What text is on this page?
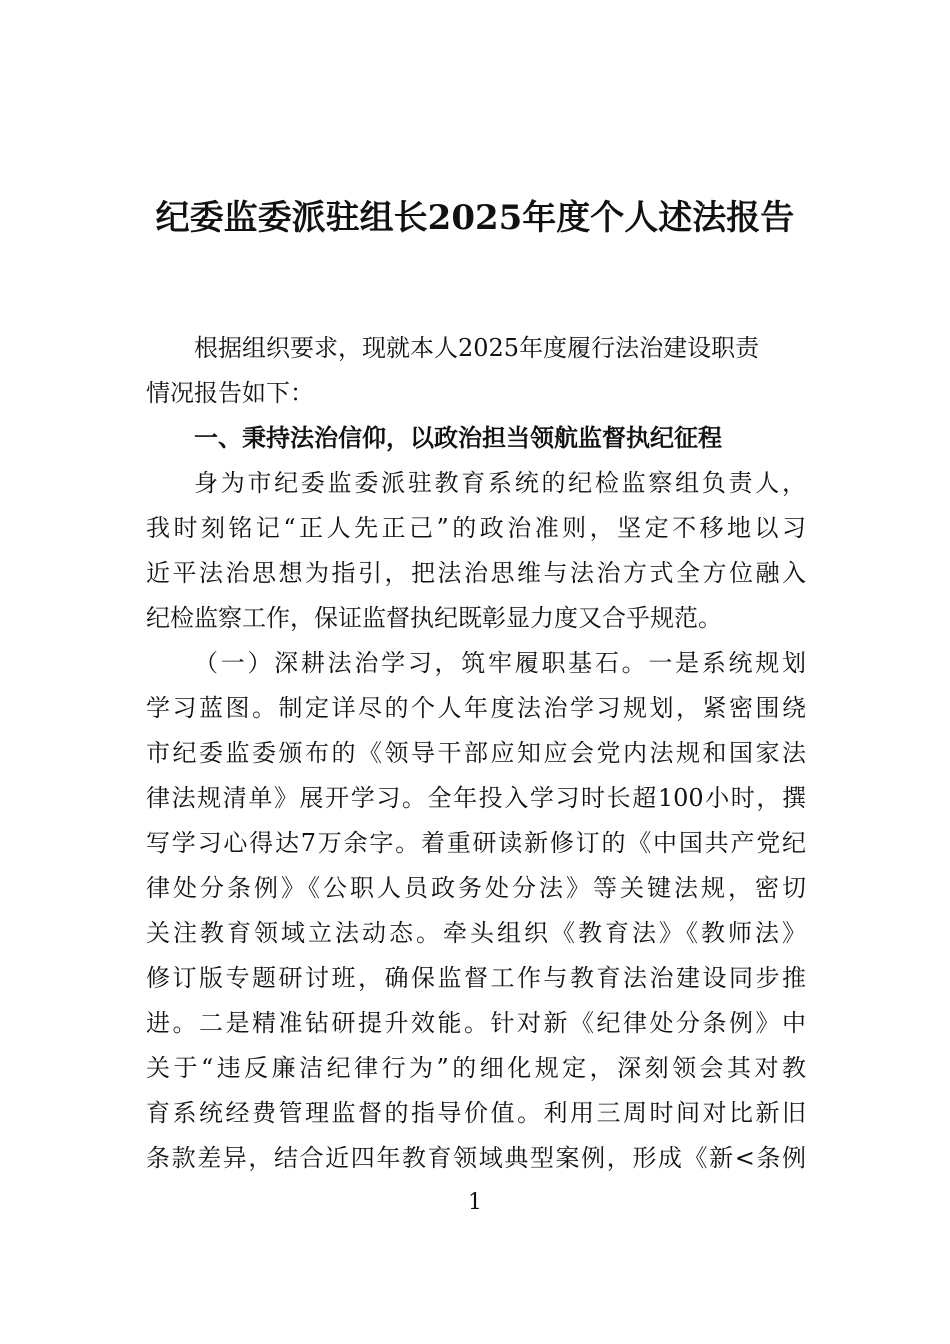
纪委监委派驻组长2025年度个人述法报告
根据组织要求，现就本人2025年度履行法治建设职责
情况报告如下：
一、秉持法治信仰，以政治担当领航监督执纪征程
身为市纪委监委派驻教育系统的纪检监察组负责人，
我时刻铭记“正人先正己”的政治准则，坚定不移地以习
近平法治思想为指引，把法治思维与法治方式全方位融入
纪检监察工作，保证监督执纪既彰显力度又合乎规范。
（一）深耕法治学习，筑牢履职基石。一是系统规划
学习蓝图。制定详尽的个人年度法治学习规划，紧密围绕
市纪委监委颁布的《领导干部应知应会党内法规和国家法
律法规清单》展开学习。全年投入学习时长超100小时，撰
写学习心得达7万余字。着重研读新修订的《中国共产党纪
律处分条例》《公职人员政务处分法》等关键法规，密切
关注教育领域立法动态。牵头组织《教育法》《教师法》
修订版专题研讨班，确保监督工作与教育法治建设同步推
进。二是精准钻研提升效能。针对新《纪律处分条例》中
关于“违反廉洁纪律行为”的细化规定，深刻领会其对教
育系统经费管理监督的指导价值。利用三周时间对比新旧
条款差异，结合近四年教育领域典型案例，形成《新<条例
1
